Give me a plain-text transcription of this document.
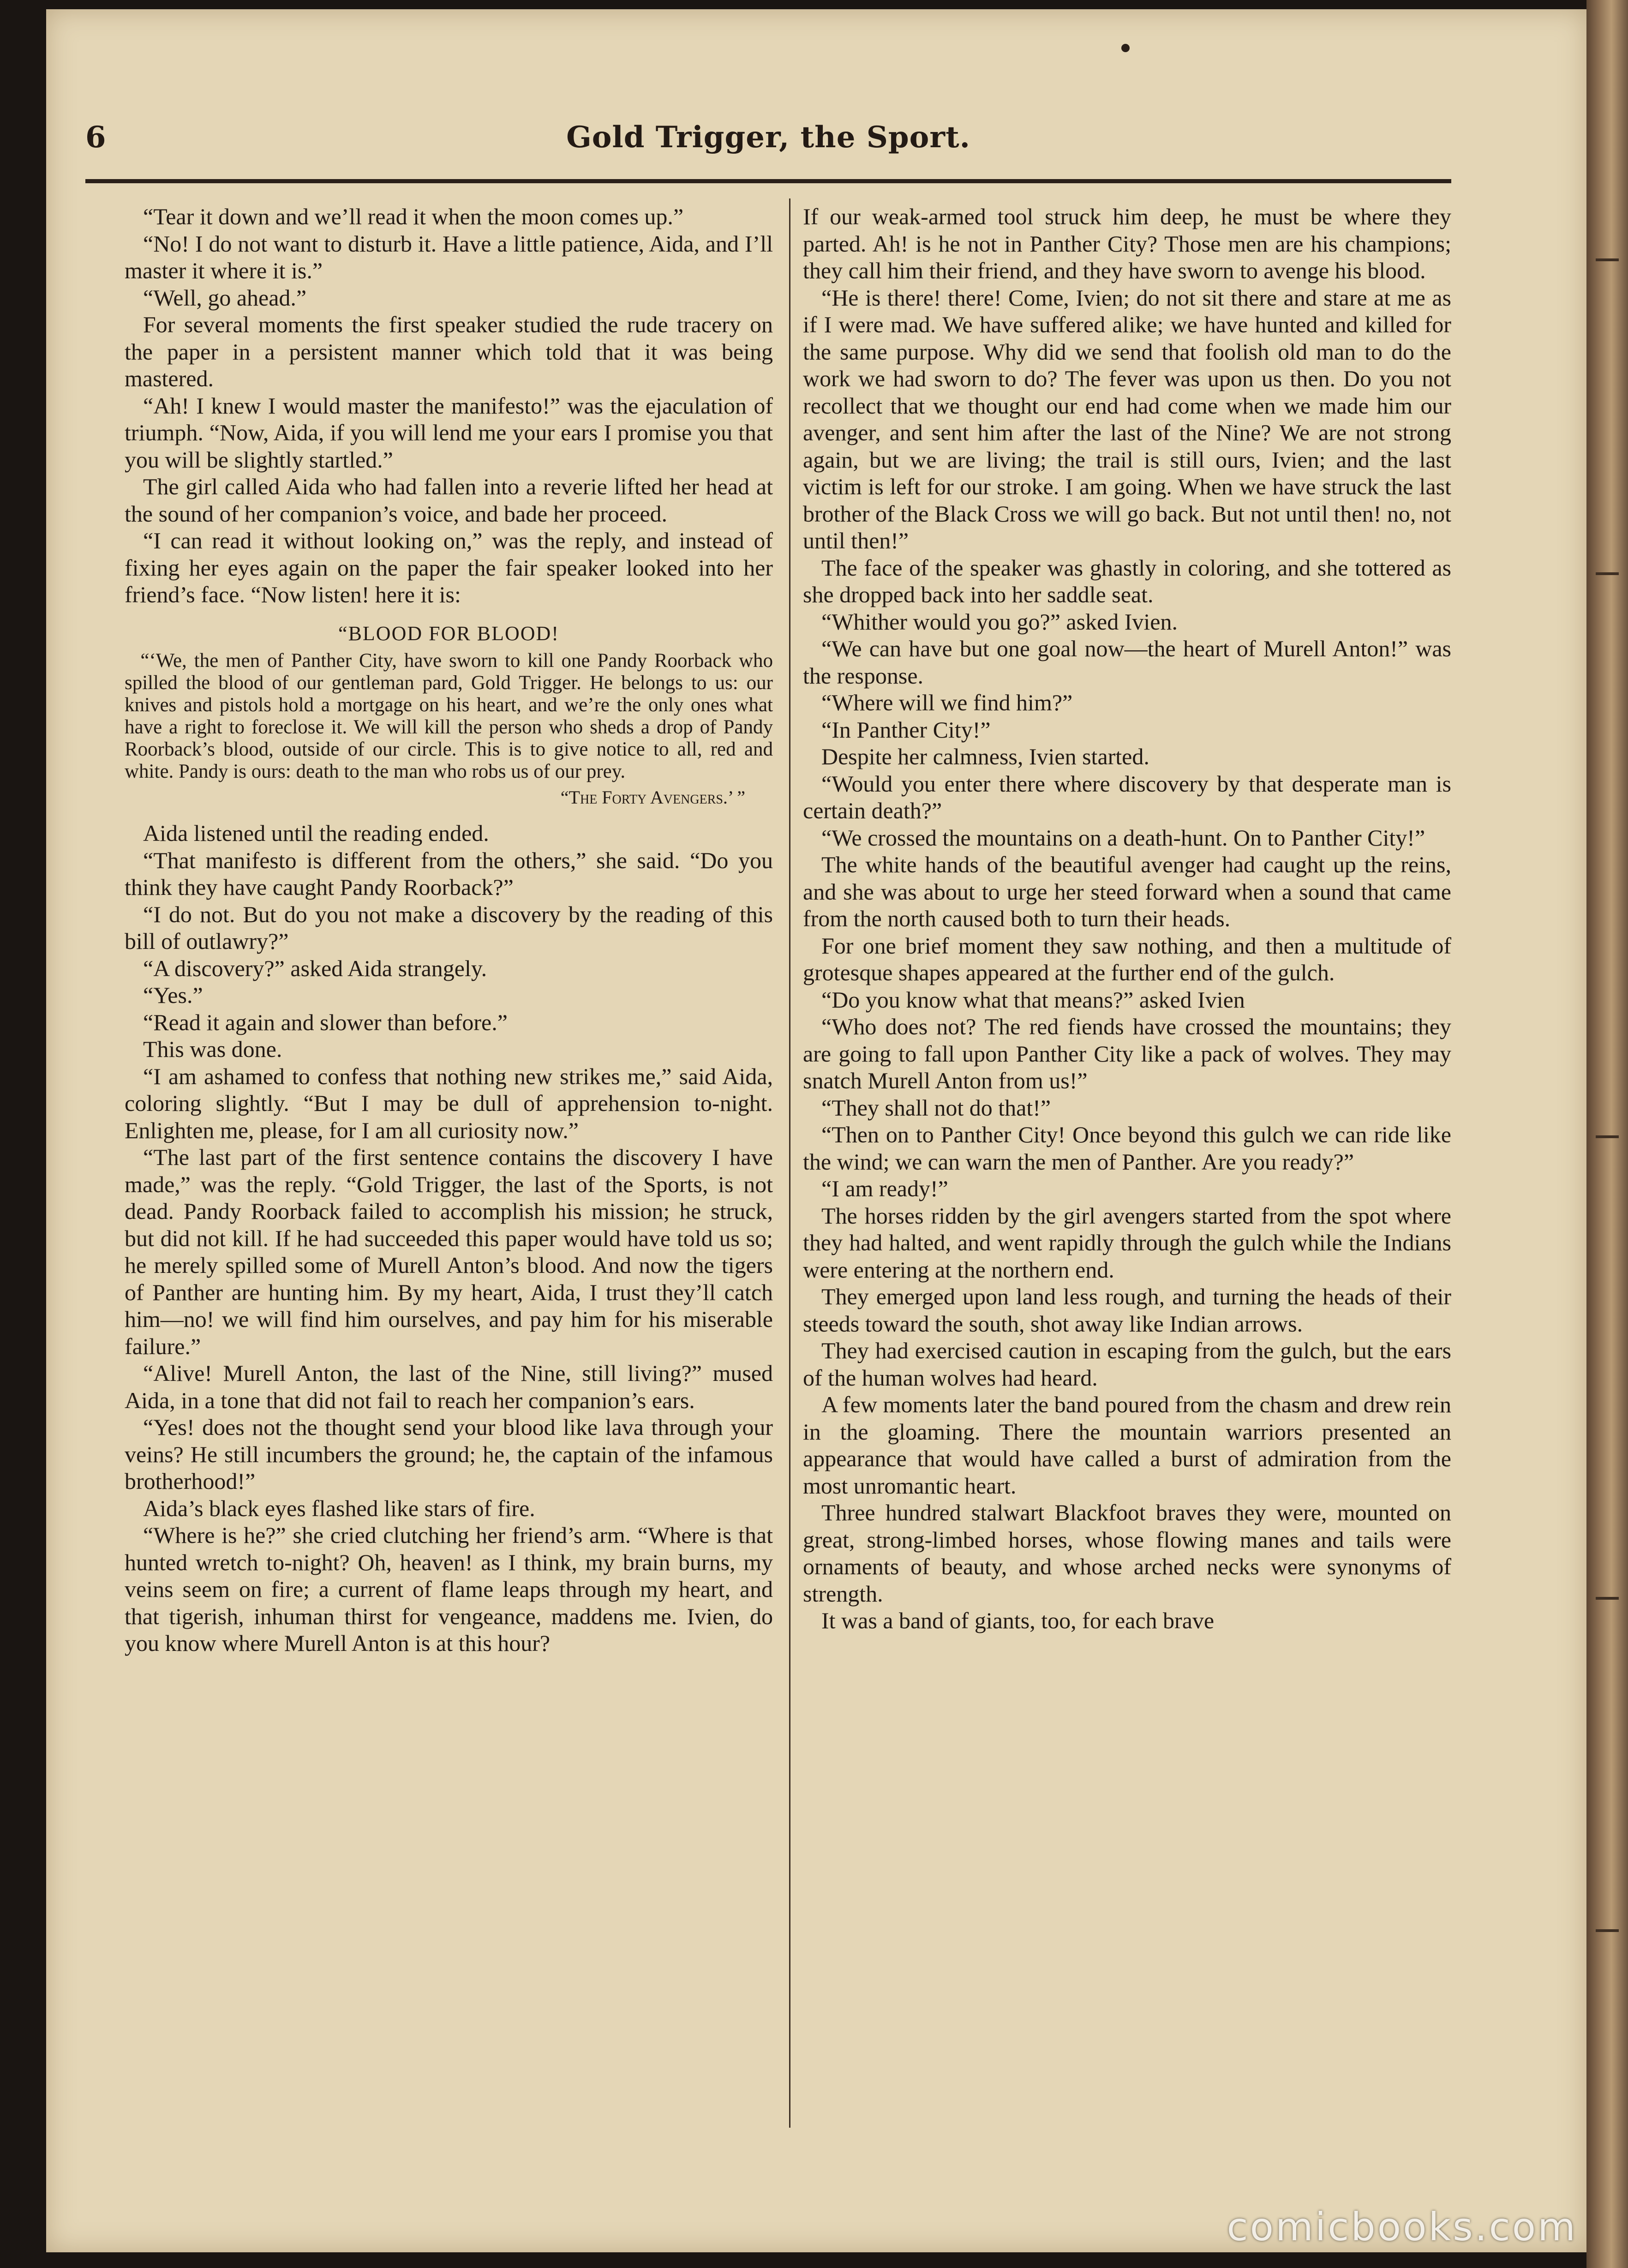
6	Gold Trigger, the Sport.

“Tear it down and we’ll read it when the moon comes up.”

“No! I do not want to disturb it. Have a little patience, Aida, and I’ll master it where it is.”

“Well, go ahead.”

For several moments the first speaker studied the rude tracery on the paper in a persistent manner which told that it was being mastered.

“Ah! I knew I would master the manifesto!” was the ejaculation of triumph. “Now, Aida, if you will lend me your ears I promise you that you will be slightly startled.”

The girl called Aida who had fallen into a reverie lifted her head at the sound of her companion’s voice, and bade her proceed.

“I can read it without looking on,” was the reply, and instead of fixing her eyes again on the paper the fair speaker looked into her friend’s face. “Now listen! here it is:

“BLOOD FOR BLOOD!

“‘We, the men of Panther City, have sworn to kill one Pandy Roorback who spilled the blood of our gentleman pard, Gold Trigger. He belongs to us: our knives and pistols hold a mortgage on his heart, and we’re the only ones what have a right to foreclose it. We will kill the person who sheds a drop of Pandy Roorback’s blood, outside of our circle. This is to give notice to all, red and white. Pandy is ours: death to the man who robs us of our prey.

“The Forty Avengers.’ ”

Aida listened until the reading ended.

“That manifesto is different from the others,” she said. “Do you think they have caught Pandy Roorback?”

“I do not. But do you not make a discovery by the reading of this bill of outlawry?”

“A discovery?” asked Aida strangely.

“Yes.”

“Read it again and slower than before.”

This was done.

“I am ashamed to confess that nothing new strikes me,” said Aida, coloring slightly. “But I may be dull of apprehension to-night. Enlighten me, please, for I am all curiosity now.”

“The last part of the first sentence contains the discovery I have made,” was the reply. “Gold Trigger, the last of the Sports, is not dead. Pandy Roorback failed to accomplish his mission; he struck, but did not kill. If he had succeeded this paper would have told us so; he merely spilled some of Murell Anton’s blood. And now the tigers of Panther are hunting him. By my heart, Aida, I trust they’ll catch him—no! we will find him ourselves, and pay him for his miserable failure.”

“Alive! Murell Anton, the last of the Nine, still living?” mused Aida, in a tone that did not fail to reach her companion’s ears.

“Yes! does not the thought send your blood like lava through your veins? He still incumbers the ground; he, the captain of the infamous brotherhood!”

Aida’s black eyes flashed like stars of fire.

“Where is he?” she cried clutching her friend’s arm. “Where is that hunted wretch to-night? Oh, heaven! as I think, my brain burns, my veins seem on fire; a current of flame leaps through my heart, and that tigerish, inhuman thirst for vengeance, maddens me. Ivien, do you know where Murell Anton is at this hour?

If our weak-armed tool struck him deep, he must be where they parted. Ah! is he not in Panther City? Those men are his champions; they call him their friend, and they have sworn to avenge his blood.

“He is there! there! Come, Ivien; do not sit there and stare at me as if I were mad. We have suffered alike; we have hunted and killed for the same purpose. Why did we send that foolish old man to do the work we had sworn to do? The fever was upon us then. Do you not recollect that we thought our end had come when we made him our avenger, and sent him after the last of the Nine? We are not strong again, but we are living; the trail is still ours, Ivien; and the last victim is left for our stroke. I am going. When we have struck the last brother of the Black Cross we will go back. But not until then! no, not until then!”

The face of the speaker was ghastly in coloring, and she tottered as she dropped back into her saddle seat.

“Whither would you go?” asked Ivien.

“We can have but one goal now—the heart of Murell Anton!” was the response.

“Where will we find him?”

“In Panther City!”

Despite her calmness, Ivien started.

“Would you enter there where discovery by that desperate man is certain death?”

“We crossed the mountains on a death-hunt. On to Panther City!”

The white hands of the beautiful avenger had caught up the reins, and she was about to urge her steed forward when a sound that came from the north caused both to turn their heads.

For one brief moment they saw nothing, and then a multitude of grotesque shapes appeared at the further end of the gulch.

“Do you know what that means?” asked Ivien

“Who does not? The red fiends have crossed the mountains; they are going to fall upon Panther City like a pack of wolves. They may snatch Murell Anton from us!”

“They shall not do that!”

“Then on to Panther City! Once beyond this gulch we can ride like the wind; we can warn the men of Panther. Are you ready?”

“I am ready!”

The horses ridden by the girl avengers started from the spot where they had halted, and went rapidly through the gulch while the Indians were entering at the northern end.

They emerged upon land less rough, and turning the heads of their steeds toward the south, shot away like Indian arrows.

They had exercised caution in escaping from the gulch, but the ears of the human wolves had heard.

A few moments later the band poured from the chasm and drew rein in the gloaming. There the mountain warriors presented an appearance that would have called a burst of admiration from the most unromantic heart.

Three hundred stalwart Blackfoot braves they were, mounted on great, strong-limbed horses, whose flowing manes and tails were ornaments of beauty, and whose arched necks were synonyms of strength.

It was a band of giants, too, for each brave

comicbooks.com
